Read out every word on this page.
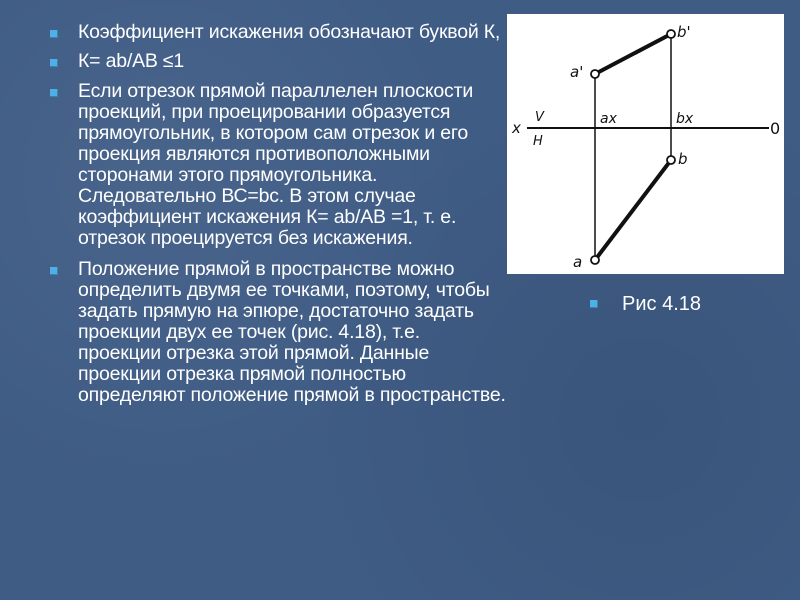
Коэффициент искажения обозначают буквой К,
К= ab/AB ≤1
Если отрезок прямой параллелен плоскости проекций, при проецировании образуется прямоугольник, в котором сам отрезок и его проекция являются противоположными сторонами этого прямоугольника. Следовательно ВС=bc. В этом случае коэффициент искажения К= ab/AB =1, т. е. отрезок проецируется без искажения.
Положение прямой в пространстве можно определить двумя ее точками, поэтому, чтобы задать прямую на эпюре, достаточно задать проекции двух ее точек (рис. 4.18), т.е. проекции отрезка этой прямой. Данные проекции отрезка прямой полностью определяют положение прямой в пространстве.
x	0
V
H
a'
b'
ax	bx
a
b
Рис 4.18
